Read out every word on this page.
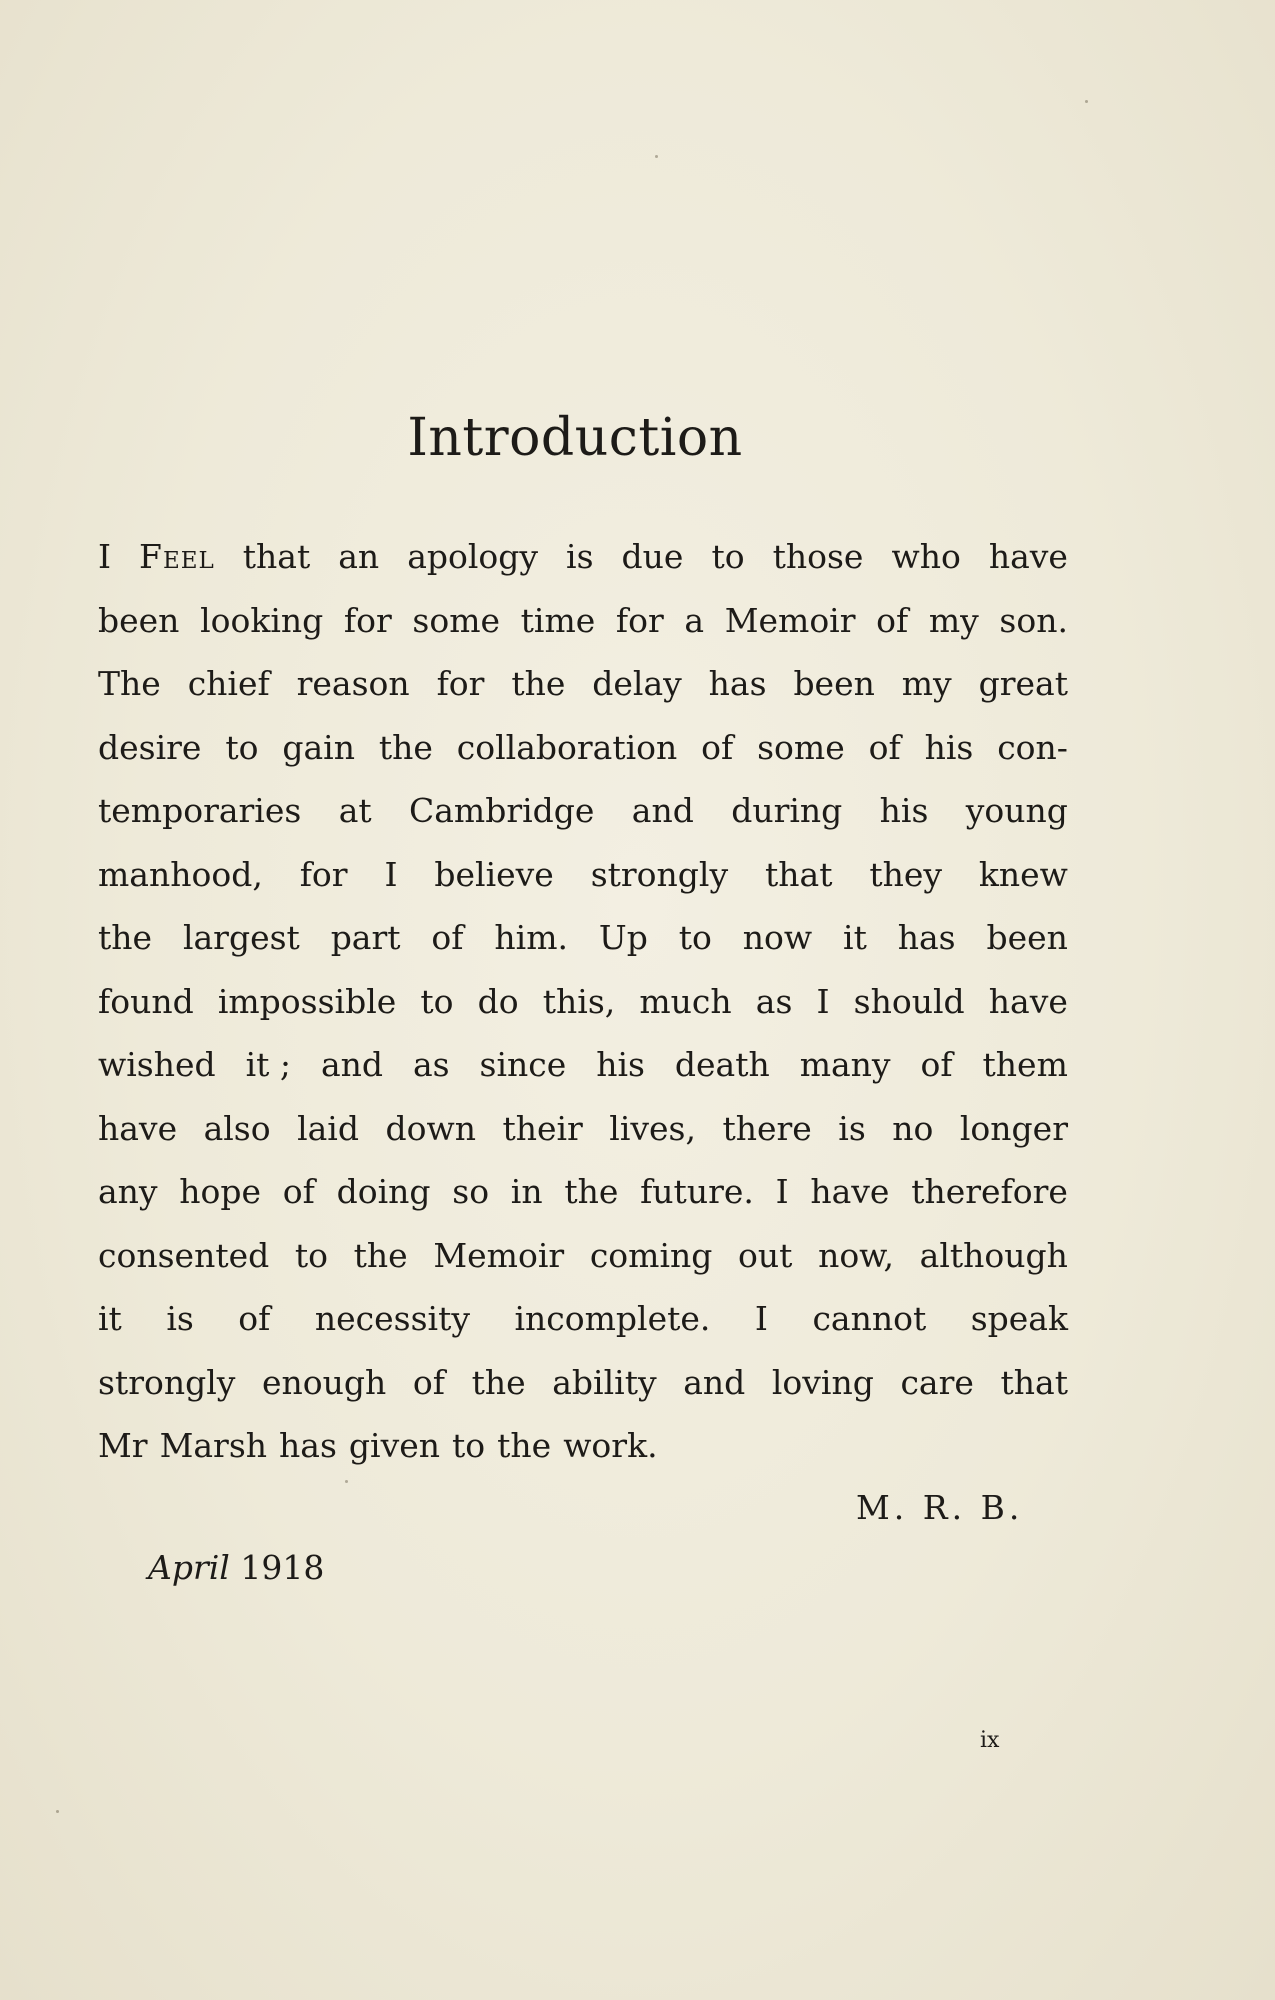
Introduction
I Feel that an apology is due to those who have
been looking for some time for a Memoir of my son.
The chief reason for the delay has been my great
desire to gain the collaboration of some of his con-
temporaries at Cambridge and during his young
manhood, for I believe strongly that they knew
the largest part of him. Up to now it has been
found impossible to do this, much as I should have
wished it ; and as since his death many of them
have also laid down their lives, there is no longer
any hope of doing so in the future. I have therefore
consented to the Memoir coming out now, although
it is of necessity incomplete. I cannot speak
strongly enough of the ability and loving care that
Mr Marsh has given to the work.
M. R. B.
April 1918
ix
